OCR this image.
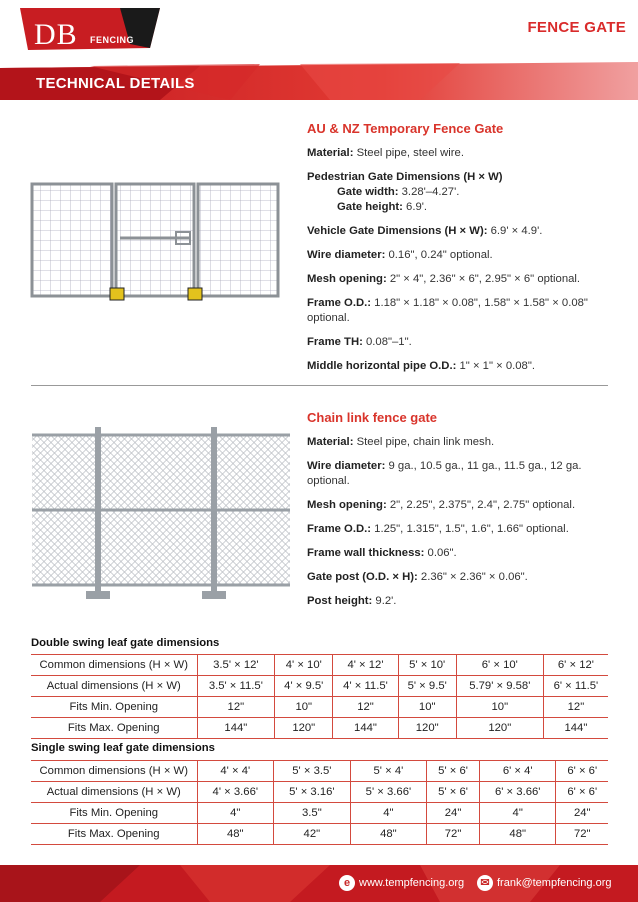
DB FENCING
FENCE GATE
TECHNICAL DETAILS
AU & NZ Temporary Fence Gate

Material: Steel pipe, steel wire.

Pedestrian Gate Dimensions (H × W)

Gate width: 3.28'–4.27'.

Gate height: 6.9'.

Vehicle Gate Dimensions (H × W): 6.9' × 4.9'.

Wire diameter: 0.16", 0.24" optional.

Mesh opening: 2" × 4", 2.36" × 6", 2.95" × 6" optional.

Frame O.D.: 1.18" × 1.18" × 0.08", 1.58" × 1.58" × 0.08" optional.

Frame TH: 0.08"–1".

Middle horizontal pipe O.D.: 1" × 1" × 0.08".

Chain link fence gate

Material: Steel pipe, chain link mesh.

Wire diameter: 9 ga., 10.5 ga., 11 ga., 11.5 ga., 12 ga. optional.

Mesh opening: 2", 2.25", 2.375", 2.4", 2.75" optional.

Frame O.D.: 1.25", 1.315", 1.5", 1.6", 1.66" optional.

Frame wall thickness: 0.06".

Gate post (O.D. × H): 2.36" × 2.36" × 0.06".

Post height: 9.2'.

Double swing leaf gate dimensions
Common dimensions (H × W)	3.5' × 12'	4' × 10'	4' × 12'	5' × 10'	6' × 10'	6' × 12'
Actual dimensions (H × W)	3.5' × 11.5'	4' × 9.5'	4' × 11.5'	5' × 9.5'	5.79' × 9.58'	6' × 11.5'
Fits Min. Opening	12"	10"	12"	10"	10"	12"
Fits Max. Opening	144"	120"	144"	120"	120"	144"
Single swing leaf gate dimensions
Common dimensions (H × W)	4' × 4'	5' × 3.5'	5' × 4'	5' × 6'	6' × 4'	6' × 6'
Actual dimensions (H × W)	4' × 3.66'	5' × 3.16'	5' × 3.66'	5' × 6'	6' × 3.66'	6' × 6'
Fits Min. Opening	4"	3.5"	4"	24"	4"	24"
Fits Max. Opening	48"	42"	48"	72"	48"	72"
e www.tempfencing.org	✉ frank@tempfencing.org
